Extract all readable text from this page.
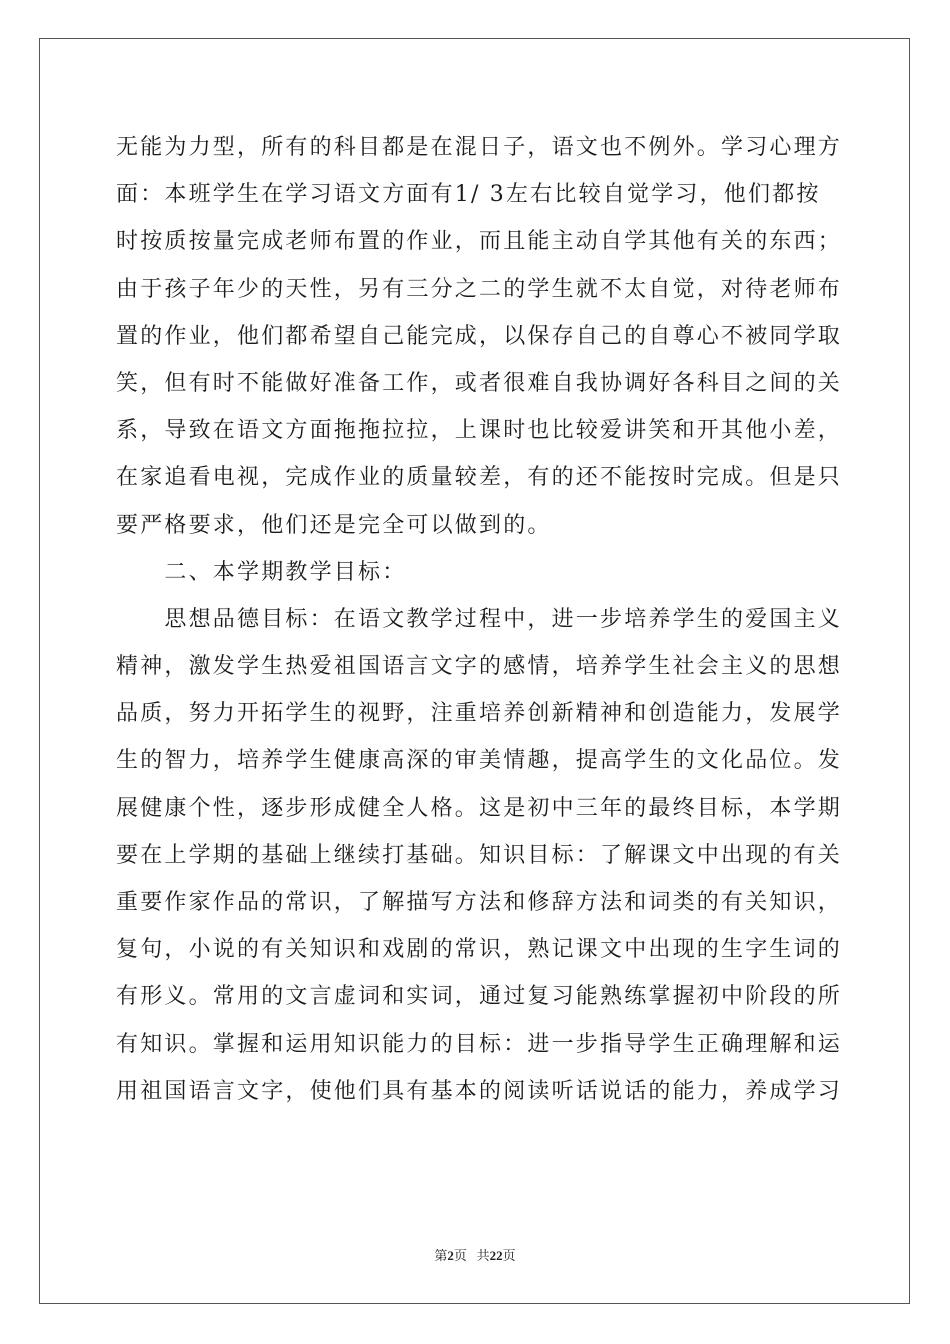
无能为力型，所有的科目都是在混日子，语文也不例外。学习心理方
面：本班学生在学习语文方面有1/ 3左右比较自觉学习，他们都按
时按质按量完成老师布置的作业，而且能主动自学其他有关的东西；
由于孩子年少的天性，另有三分之二的学生就不太自觉，对待老师布
置的作业，他们都希望自己能完成，以保存自己的自尊心不被同学取
笑，但有时不能做好准备工作，或者很难自我协调好各科目之间的关
系，导致在语文方面拖拖拉拉，上课时也比较爱讲笑和开其他小差，
在家追看电视，完成作业的质量较差，有的还不能按时完成。但是只
要严格要求，他们还是完全可以做到的。
　　二、本学期教学目标：
　　思想品德目标：在语文教学过程中，进一步培养学生的爱国主义
精神，激发学生热爱祖国语言文字的感情，培养学生社会主义的思想
品质，努力开拓学生的视野，注重培养创新精神和创造能力，发展学
生的智力，培养学生健康高深的审美情趣，提高学生的文化品位。发
展健康个性，逐步形成健全人格。这是初中三年的最终目标，本学期
要在上学期的基础上继续打基础。知识目标：了解课文中出现的有关
重要作家作品的常识，了解描写方法和修辞方法和词类的有关知识，
复句，小说的有关知识和戏剧的常识，熟记课文中出现的生字生词的
有形义。常用的文言虚词和实词，通过复习能熟练掌握初中阶段的所
有知识。掌握和运用知识能力的目标：进一步指导学生正确理解和运
用祖国语言文字，使他们具有基本的阅读听话说话的能力，养成学习
第2页 共22页
